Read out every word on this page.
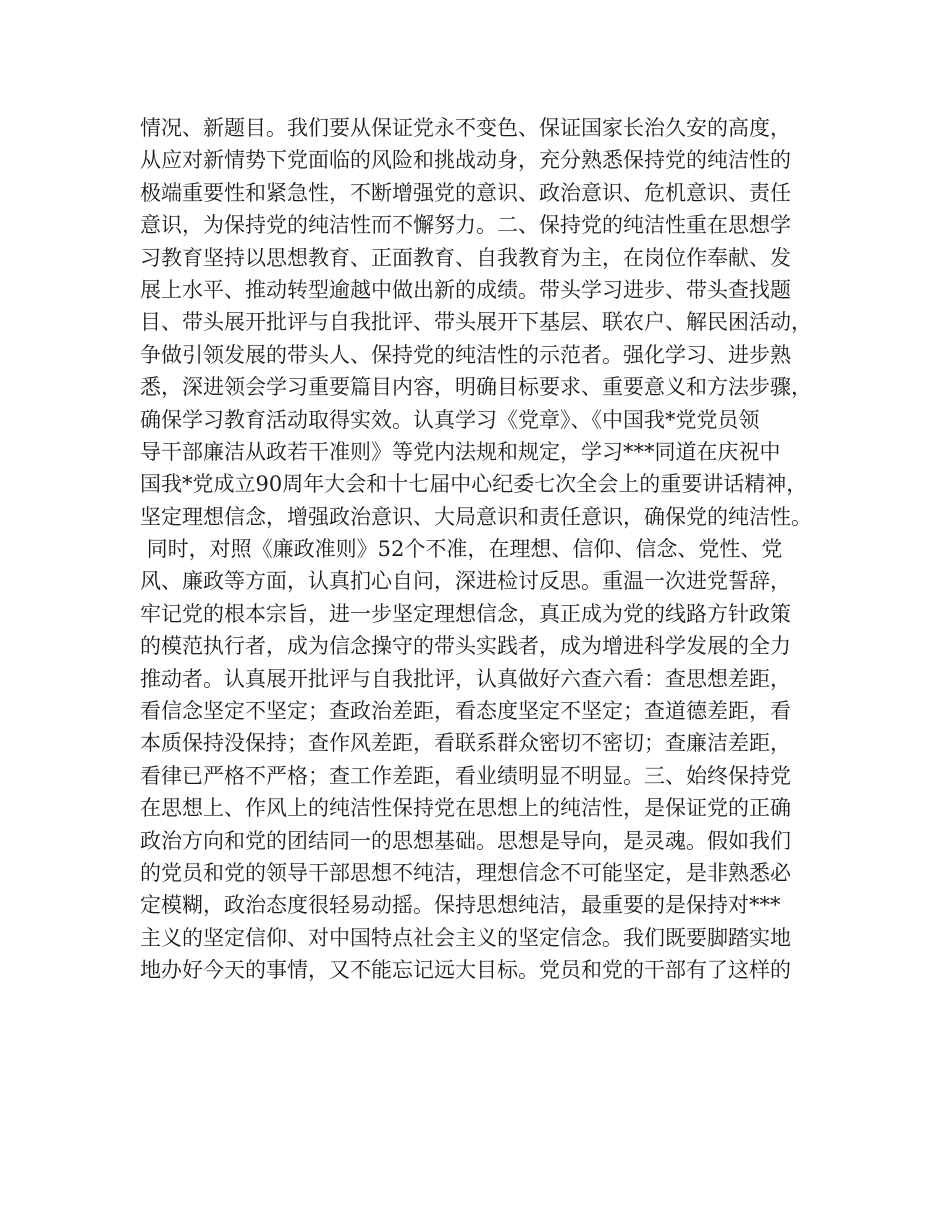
情况、新题目。我们要从保证党永不变色、保证国家长治久安的高度，
从应对新情势下党面临的风险和挑战动身，充分熟悉保持党的纯洁性的
极端重要性和紧急性，不断增强党的意识、政治意识、危机意识、责任
意识，为保持党的纯洁性而不懈努力。二、保持党的纯洁性重在思想学
习教育坚持以思想教育、正面教育、自我教育为主，在岗位作奉献、发
展上水平、推动转型逾越中做出新的成绩。带头学习进步、带头查找题
目、带头展开批评与自我批评、带头展开下基层、联农户、解民困活动，
争做引领发展的带头人、保持党的纯洁性的示范者。强化学习、进步熟
悉，深进领会学习重要篇目内容，明确目标要求、重要意义和方法步骤，
确保学习教育活动取得实效。认真学习《党章》、《中国我*党党员领
导干部廉洁从政若干准则》等党内法规和规定，学习***同道在庆祝中
国我*党成立90周年大会和十七届中心纪委七次全会上的重要讲话精神，
坚定理想信念，增强政治意识、大局意识和责任意识，确保党的纯洁性。
同时，对照《廉政准则》52个不准，在理想、信仰、信念、党性、党
风、廉政等方面，认真扪心自问，深进检讨反思。重温一次进党誓辞，
牢记党的根本宗旨，进一步坚定理想信念，真正成为党的线路方针政策
的模范执行者，成为信念操守的带头实践者，成为增进科学发展的全力
推动者。认真展开批评与自我批评，认真做好六查六看：查思想差距，
看信念坚定不坚定；查政治差距，看态度坚定不坚定；查道德差距，看
本质保持没保持；查作风差距，看联系群众密切不密切；查廉洁差距，
看律已严格不严格；查工作差距，看业绩明显不明显。三、始终保持党
在思想上、作风上的纯洁性保持党在思想上的纯洁性，是保证党的正确
政治方向和党的团结同一的思想基础。思想是导向，是灵魂。假如我们
的党员和党的领导干部思想不纯洁，理想信念不可能坚定，是非熟悉必
定模糊，政治态度很轻易动摇。保持思想纯洁，最重要的是保持对***
主义的坚定信仰、对中国特点社会主义的坚定信念。我们既要脚踏实地
地办好今天的事情，又不能忘记远大目标。党员和党的干部有了这样的
